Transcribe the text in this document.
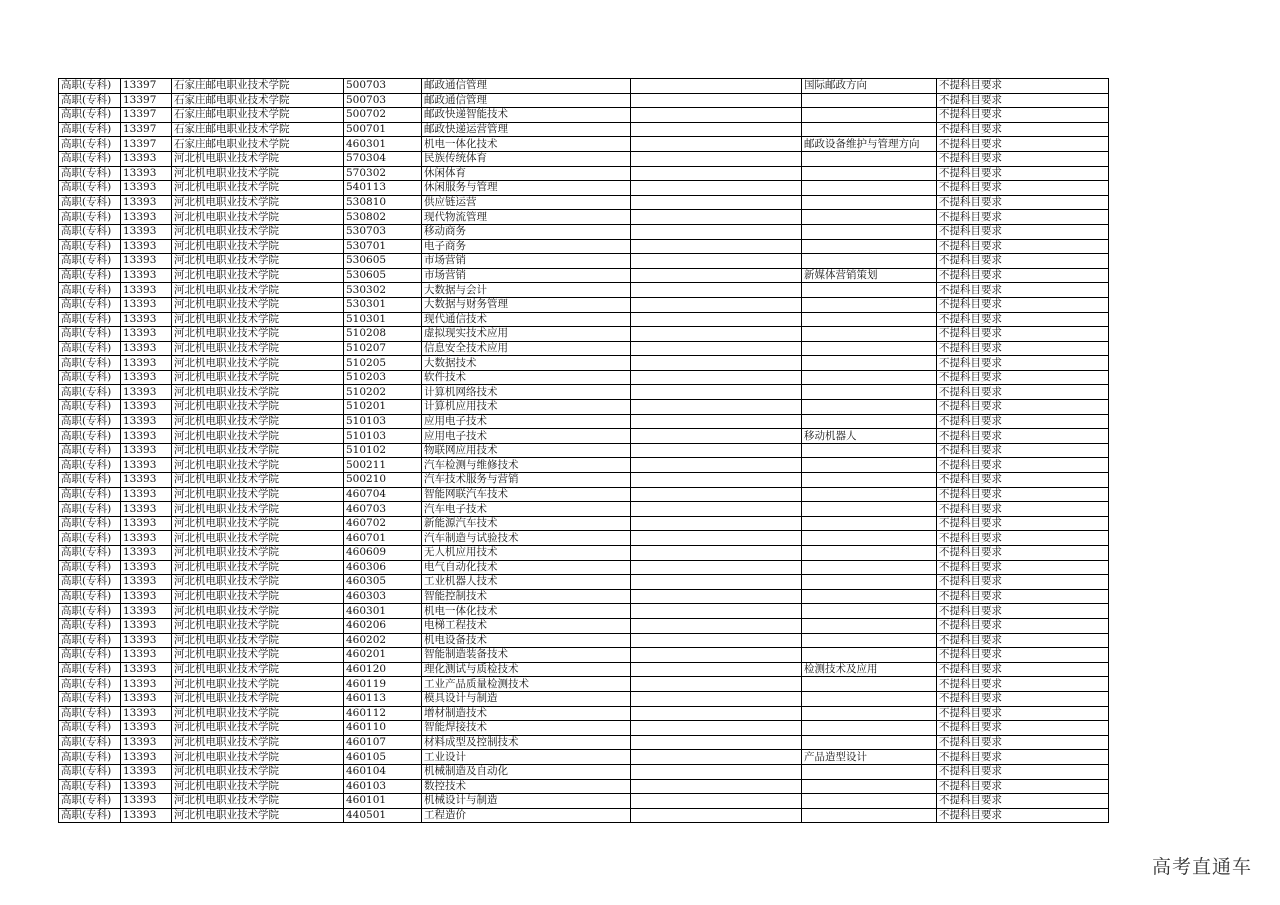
高职(专科)	13397	石家庄邮电职业技术学院	500703	邮政通信管理		国际邮政方向	不提科目要求
高职(专科)	13397	石家庄邮电职业技术学院	500703	邮政通信管理			不提科目要求
高职(专科)	13397	石家庄邮电职业技术学院	500702	邮政快递智能技术			不提科目要求
高职(专科)	13397	石家庄邮电职业技术学院	500701	邮政快递运营管理			不提科目要求
高职(专科)	13397	石家庄邮电职业技术学院	460301	机电一体化技术		邮政设备维护与管理方向	不提科目要求
高职(专科)	13393	河北机电职业技术学院	570304	民族传统体育			不提科目要求
高职(专科)	13393	河北机电职业技术学院	570302	休闲体育			不提科目要求
高职(专科)	13393	河北机电职业技术学院	540113	休闲服务与管理			不提科目要求
高职(专科)	13393	河北机电职业技术学院	530810	供应链运营			不提科目要求
高职(专科)	13393	河北机电职业技术学院	530802	现代物流管理			不提科目要求
高职(专科)	13393	河北机电职业技术学院	530703	移动商务			不提科目要求
高职(专科)	13393	河北机电职业技术学院	530701	电子商务			不提科目要求
高职(专科)	13393	河北机电职业技术学院	530605	市场营销			不提科目要求
高职(专科)	13393	河北机电职业技术学院	530605	市场营销		新媒体营销策划	不提科目要求
高职(专科)	13393	河北机电职业技术学院	530302	大数据与会计			不提科目要求
高职(专科)	13393	河北机电职业技术学院	530301	大数据与财务管理			不提科目要求
高职(专科)	13393	河北机电职业技术学院	510301	现代通信技术			不提科目要求
高职(专科)	13393	河北机电职业技术学院	510208	虚拟现实技术应用			不提科目要求
高职(专科)	13393	河北机电职业技术学院	510207	信息安全技术应用			不提科目要求
高职(专科)	13393	河北机电职业技术学院	510205	大数据技术			不提科目要求
高职(专科)	13393	河北机电职业技术学院	510203	软件技术			不提科目要求
高职(专科)	13393	河北机电职业技术学院	510202	计算机网络技术			不提科目要求
高职(专科)	13393	河北机电职业技术学院	510201	计算机应用技术			不提科目要求
高职(专科)	13393	河北机电职业技术学院	510103	应用电子技术			不提科目要求
高职(专科)	13393	河北机电职业技术学院	510103	应用电子技术		移动机器人	不提科目要求
高职(专科)	13393	河北机电职业技术学院	510102	物联网应用技术			不提科目要求
高职(专科)	13393	河北机电职业技术学院	500211	汽车检测与维修技术			不提科目要求
高职(专科)	13393	河北机电职业技术学院	500210	汽车技术服务与营销			不提科目要求
高职(专科)	13393	河北机电职业技术学院	460704	智能网联汽车技术			不提科目要求
高职(专科)	13393	河北机电职业技术学院	460703	汽车电子技术			不提科目要求
高职(专科)	13393	河北机电职业技术学院	460702	新能源汽车技术			不提科目要求
高职(专科)	13393	河北机电职业技术学院	460701	汽车制造与试验技术			不提科目要求
高职(专科)	13393	河北机电职业技术学院	460609	无人机应用技术			不提科目要求
高职(专科)	13393	河北机电职业技术学院	460306	电气自动化技术			不提科目要求
高职(专科)	13393	河北机电职业技术学院	460305	工业机器人技术			不提科目要求
高职(专科)	13393	河北机电职业技术学院	460303	智能控制技术			不提科目要求
高职(专科)	13393	河北机电职业技术学院	460301	机电一体化技术			不提科目要求
高职(专科)	13393	河北机电职业技术学院	460206	电梯工程技术			不提科目要求
高职(专科)	13393	河北机电职业技术学院	460202	机电设备技术			不提科目要求
高职(专科)	13393	河北机电职业技术学院	460201	智能制造装备技术			不提科目要求
高职(专科)	13393	河北机电职业技术学院	460120	理化测试与质检技术		检测技术及应用	不提科目要求
高职(专科)	13393	河北机电职业技术学院	460119	工业产品质量检测技术			不提科目要求
高职(专科)	13393	河北机电职业技术学院	460113	模具设计与制造			不提科目要求
高职(专科)	13393	河北机电职业技术学院	460112	增材制造技术			不提科目要求
高职(专科)	13393	河北机电职业技术学院	460110	智能焊接技术			不提科目要求
高职(专科)	13393	河北机电职业技术学院	460107	材料成型及控制技术			不提科目要求
高职(专科)	13393	河北机电职业技术学院	460105	工业设计		产品造型设计	不提科目要求
高职(专科)	13393	河北机电职业技术学院	460104	机械制造及自动化			不提科目要求
高职(专科)	13393	河北机电职业技术学院	460103	数控技术			不提科目要求
高职(专科)	13393	河北机电职业技术学院	460101	机械设计与制造			不提科目要求
高职(专科)	13393	河北机电职业技术学院	440501	工程造价			不提科目要求
高考直通车
